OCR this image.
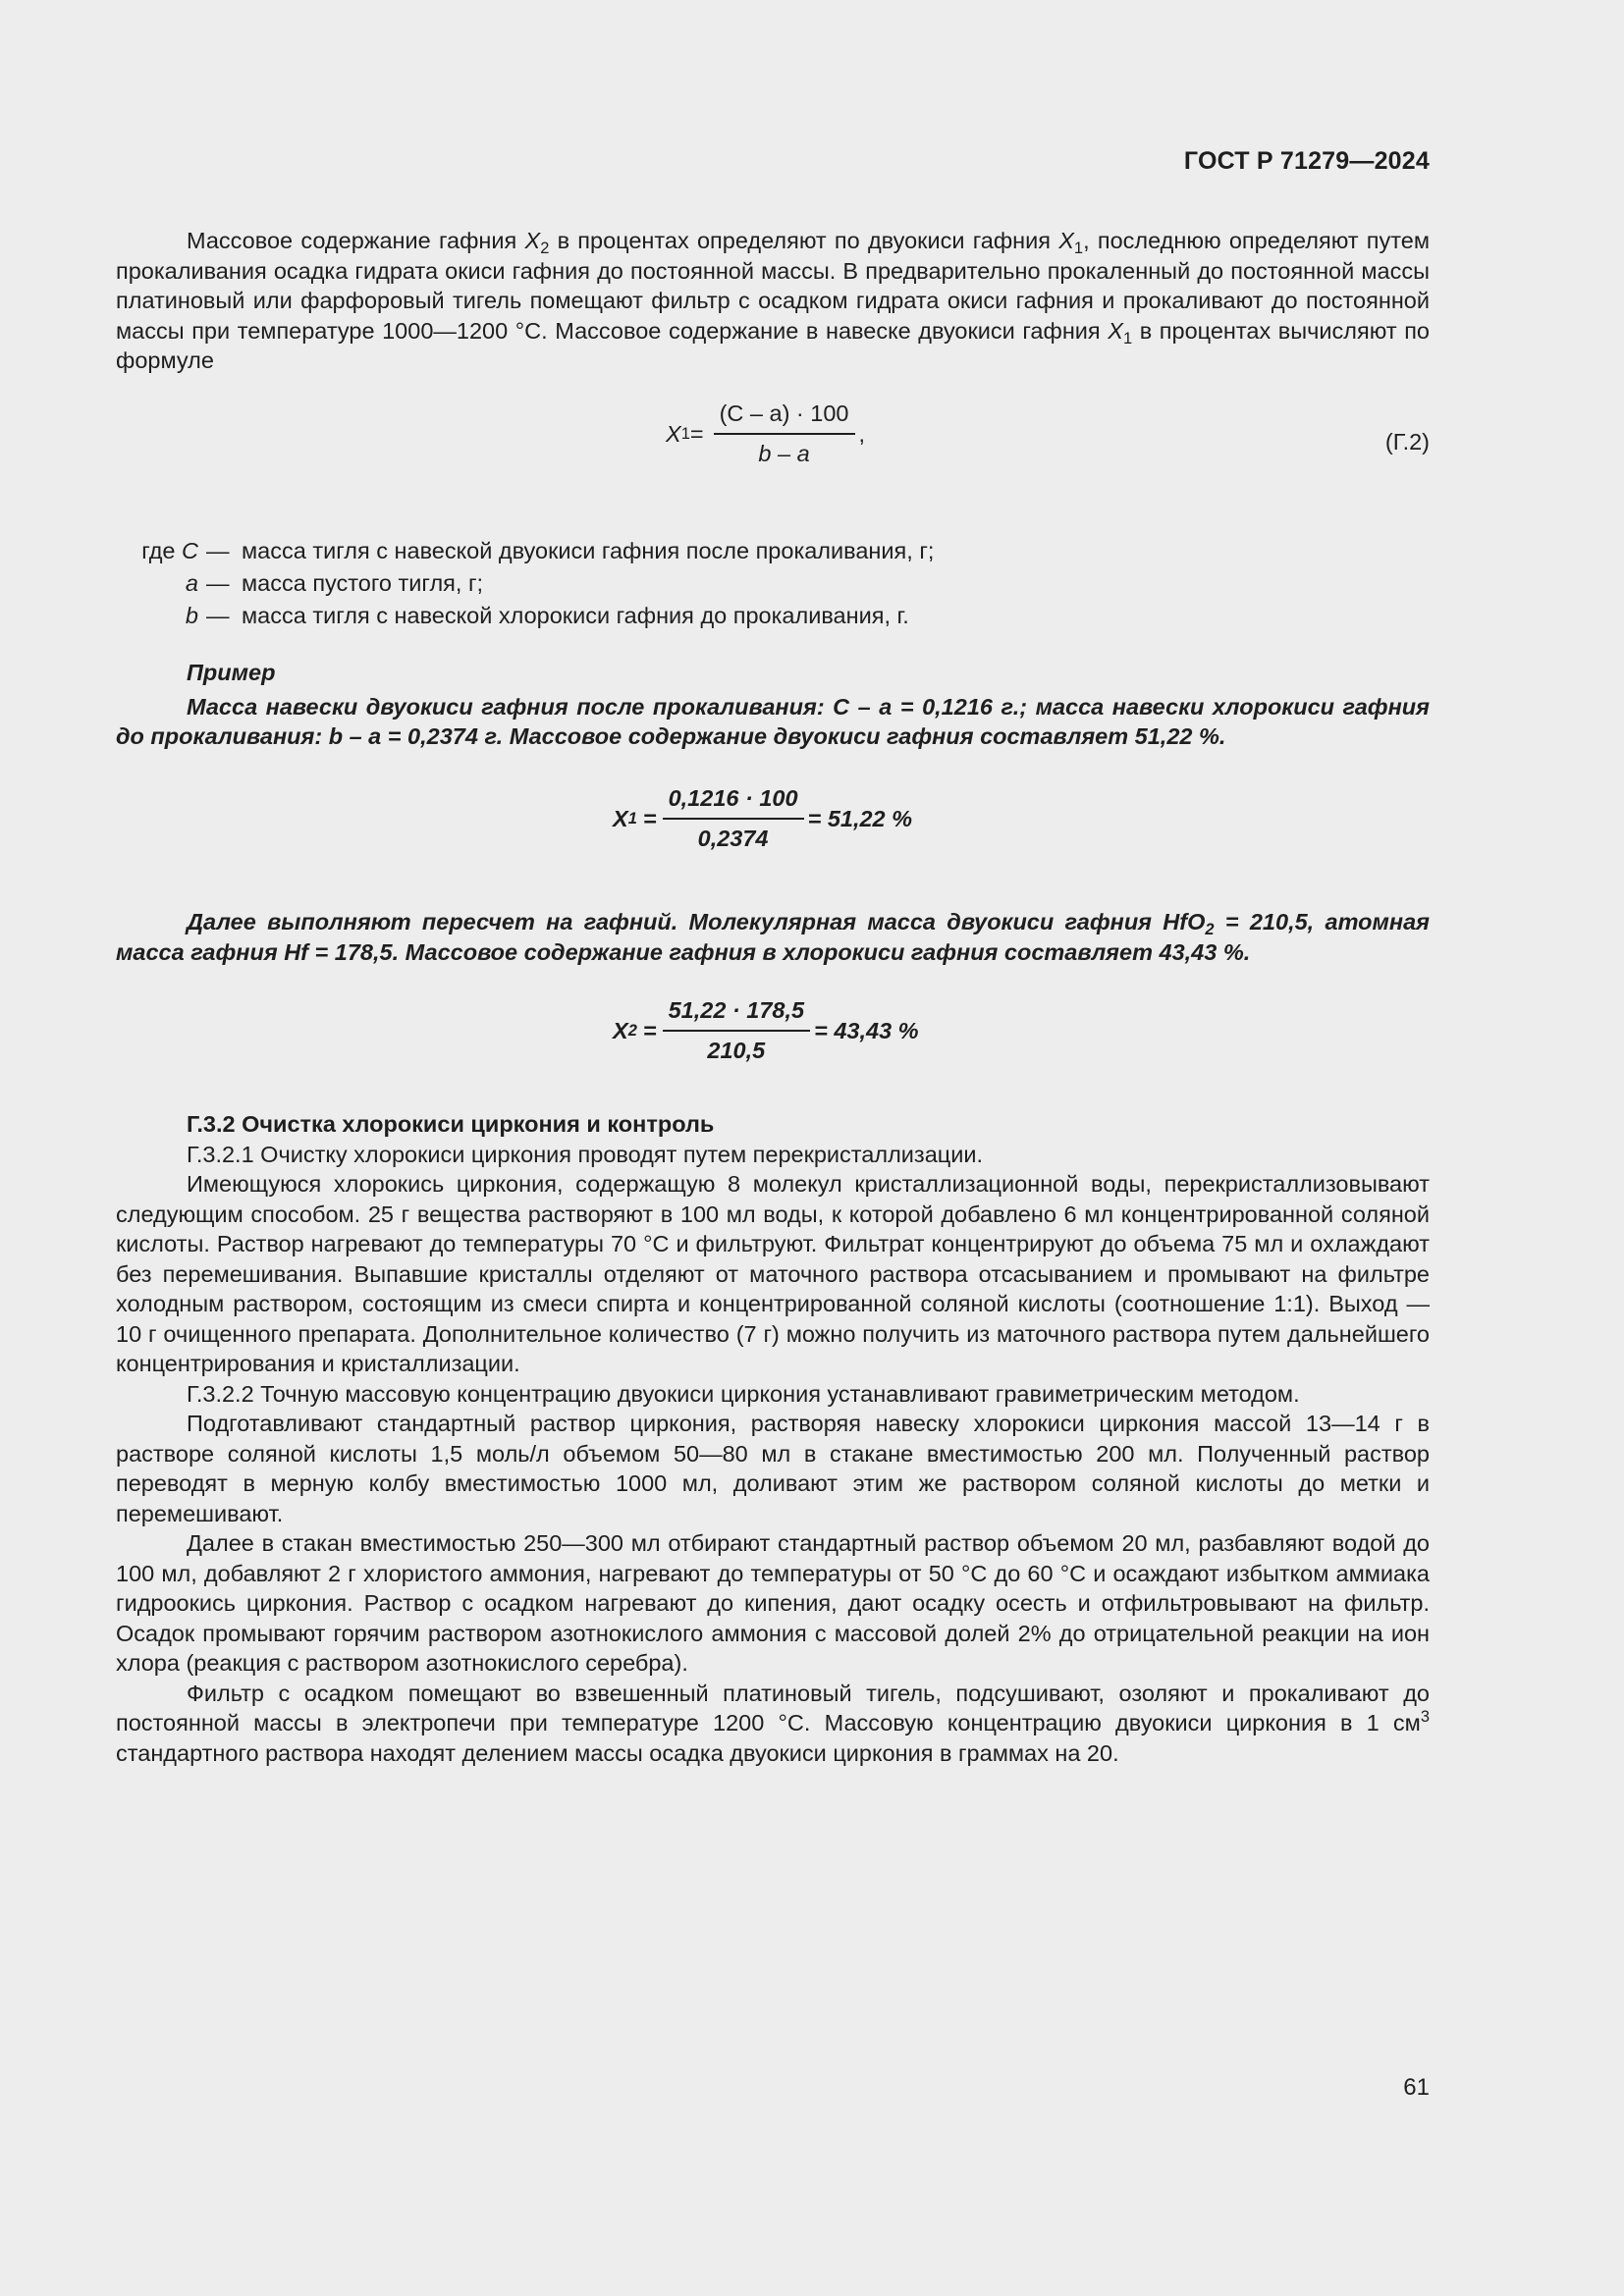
ГОСТ Р 71279—2024

Массовое содержание гафния $X_2$ в процентах определяют по двуокиси гафния $X_1$, последнюю определяют путем прокаливания осадка гидрата окиси гафния до постоянной массы. В предварительно прокаленный до постоянной массы платиновый или фарфоровый тигель помещают фильтр с осадком гидрата окиси гафния и прокаливают до постоянной массы при температуре 1000—1200 °С. Массовое содержание в навеске двуокиси гафния $X_1$ в процентах вычисляют по формуле

X $1 = \frac{(C - a) \cdot 100}{b - a}$ ,	(Г.2)
где C — масса тигля с навеской двуокиси гафния после прокаливания, г;
a — масса пустого тигля, г;
b — масса тигля с навеской хлорокиси гафния до прокаливания, г.

Пример

Масса навески двуокиси гафния после прокаливания: С – а = 0,1216 г.; масса навески хлорокиси гафния до прокаливания: b – а = 0,2374 г. Массовое содержание двуокиси гафния составляет 51,22 %.

X $1 = \frac{0,1216 \cdot 100}{0,2374} = 51,22$ %

Далее выполняют пересчет на гафний. Молекулярная масса двуокиси гафния HfO$_2$ = 210,5, атомная масса гафния Hf = 178,5. Массовое содержание гафния в хлорокиси гафния составляет 43,43 %.

X $2 = \frac{51,22 \cdot 178,5}{210,5} = 43,43$ %

Г.3.2 Очистка хлорокиси циркония и контроль

Г.3.2.1 Очистку хлорокиси циркония проводят путем перекристаллизации.

Имеющуюся хлорокись циркония, содержащую 8 молекул кристаллизационной воды, перекристаллизовывают следующим способом. 25 г вещества растворяют в 100 мл воды, к которой добавлено 6 мл концентрированной соляной кислоты. Раствор нагревают до температуры 70 °С и фильтруют. Фильтрат концентрируют до объема 75 мл и охлаждают без перемешивания. Выпавшие кристаллы отделяют от маточного раствора отсасыванием и промывают на фильтре холодным раствором, состоящим из смеси спирта и концентрированной соляной кислоты (соотношение 1:1). Выход — 10 г очищенного препарата. Дополнительное количество (7 г) можно получить из маточного раствора путем дальнейшего концентрирования и кристаллизации.

Г.3.2.2 Точную массовую концентрацию двуокиси циркония устанавливают гравиметрическим методом.

Подготавливают стандартный раствор циркония, растворяя навеску хлорокиси циркония массой 13—14 г в растворе соляной кислоты 1,5 моль/л объемом 50—80 мл в стакане вместимостью 200 мл. Полученный раствор переводят в мерную колбу вместимостью 1000 мл, доливают этим же раствором соляной кислоты до метки и перемешивают.

Далее в стакан вместимостью 250—300 мл отбирают стандартный раствор объемом 20 мл, разбавляют водой до 100 мл, добавляют 2 г хлористого аммония, нагревают до температуры от 50 °С до 60 °С и осаждают избытком аммиака гидроокись циркония. Раствор с осадком нагревают до кипения, дают осадку осесть и отфильтровывают на фильтр. Осадок промывают горячим раствором азотнокислого аммония с массовой долей 2% до отрицательной реакции на ион хлора (реакция с раствором азотнокислого серебра).

Фильтр с осадком помещают во взвешенный платиновый тигель, подсушивают, озоляют и прокаливают до постоянной массы в электропечи при температуре 1200 °С. Массовую концентрацию двуокиси циркония в 1 $см^3$ стандартного раствора находят делением массы осадка двуокиси циркония в граммах на 20.

61
